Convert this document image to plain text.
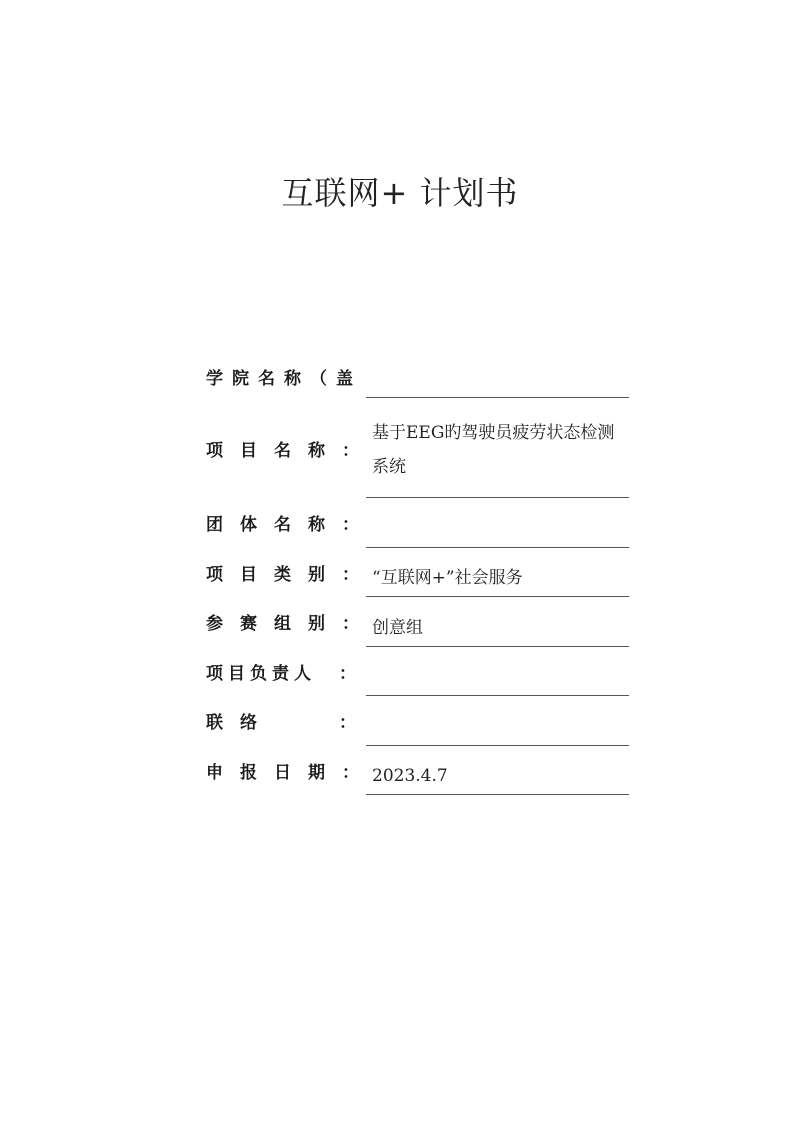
互联网+ 计划书
学院名称（盖
项目名称 ：
基于EEG旳驾驶员疲劳状态检测系统
团体名称 ：
项目类别 ： “互联网+”社会服务
参赛组别 ： 创意组
项目负责人 ：
联络	：
申报日期 ： 2023.4.7
